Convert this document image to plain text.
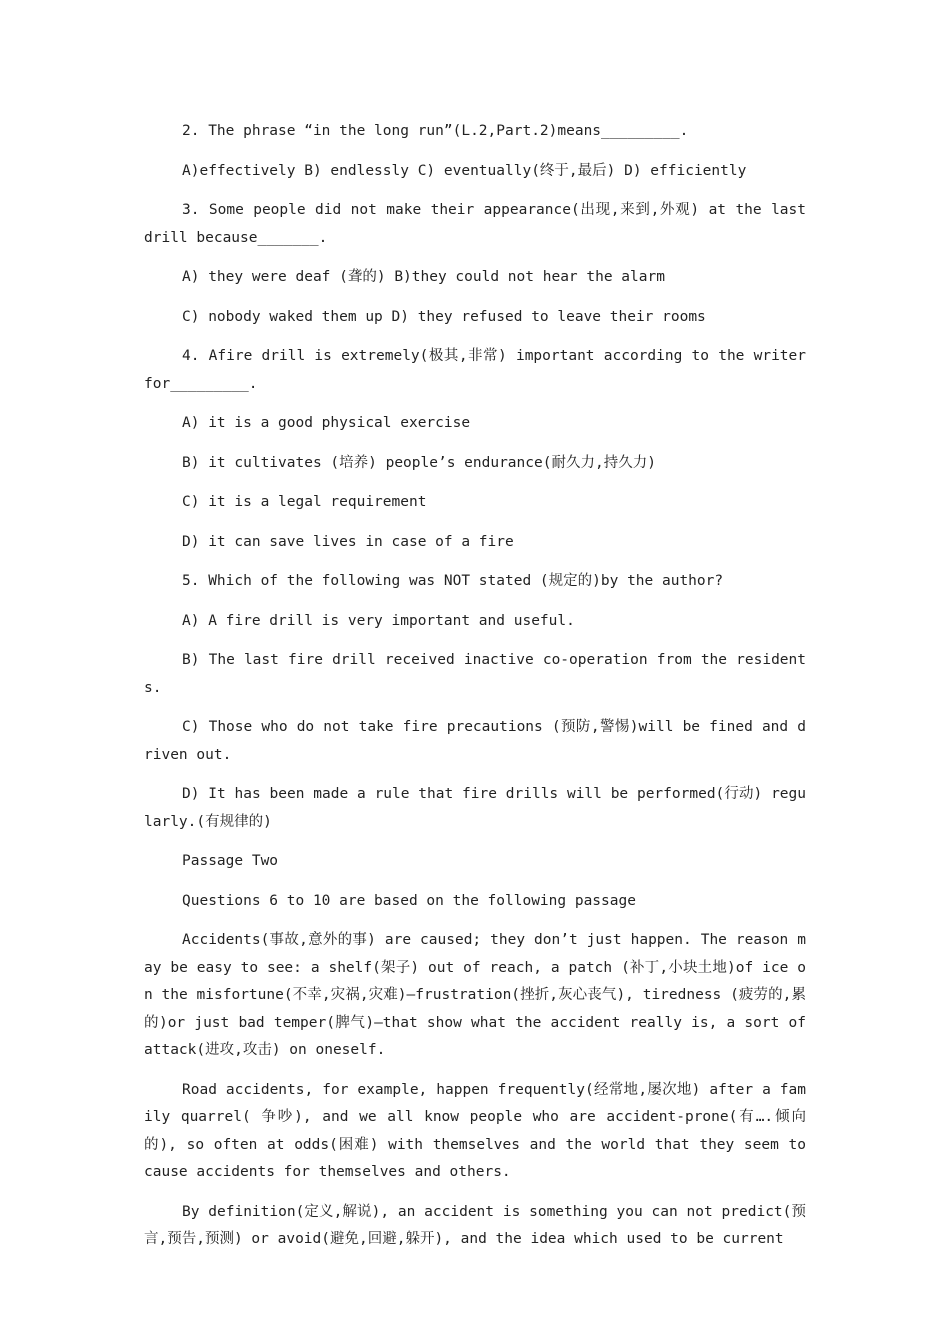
2. The phrase “in the long run”(L.2,Part.2)means_________.

A)effectively B) endlessly C) eventually(终于,最后) D) efficiently

3. Some people did not make their appearance(出现,来到,外观) at the last drill because_______.

A) they were deaf (聋的) B)they could not hear the alarm

C) nobody waked them up D) they refused to leave their rooms

4. Afire drill is extremely(极其,非常) important according to the writer for_________.

A) it is a good physical exercise

B) it cultivates (培养) people’s endurance(耐久力,持久力)

C) it is a legal requirement

D) it can save lives in case of a fire

5. Which of the following was NOT stated (规定的)by the author?

A) A fire drill is very important and useful.

B) The last fire drill received inactive co-operation from the residents.

C) Those who do not take fire precautions (预防,警惕)will be fined and driven out.

D) It has been made a rule that fire drills will be performed(行动) regularly.(有规律的)

Passage Two

Questions 6 to 10 are based on the following passage

Accidents(事故,意外的事) are caused; they don’t just happen. The reason may be easy to see: a shelf(架子) out of reach, a patch (补丁,小块土地)of ice on the misfortune(不幸,灾祸,灾难)—frustration(挫折,灰心丧气), tiredness (疲劳的,累的)or just bad temper(脾气)—that show what the accident really is, a sort of attack(进攻,攻击) on oneself.

Road accidents, for example, happen frequently(经常地,屡次地) after a family quarrel( 争吵), and we all know people who are accident-prone(有….倾向的), so often at odds(困难) with themselves and the world that they seem to cause accidents for themselves and others.

By definition(定义,解说), an accident is something you can not predict(预言,预告,预测) or avoid(避免,回避,躲开), and the idea which used to be current
